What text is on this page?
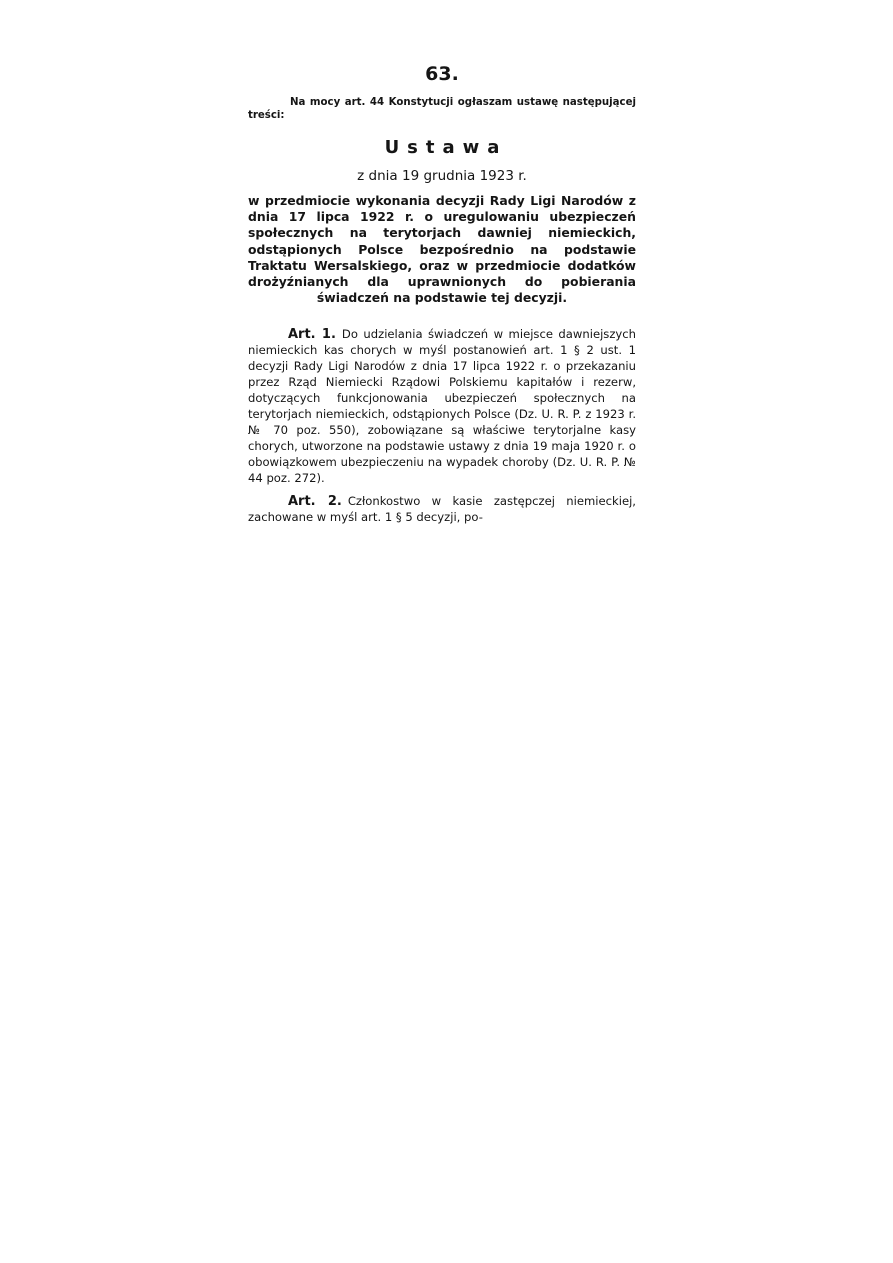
63.

Na mocy art. 44 Konstytucji ogłaszam ustawę następującej treści:

Ustawa
z dnia 19 grudnia 1923 r.

w przedmiocie wykonania decyzji Rady Ligi Narodów z dnia 17 lipca 1922 r. o uregulowaniu ubezpieczeń społecznych na terytorjach dawniej niemieckich, odstąpionych Polsce bezpośrednio na podstawie Traktatu Wersalskiego, oraz w przedmiocie dodatków drożyźnianych dla uprawnionych do pobierania świadczeń na podstawie tej decyzji.

Art. 1. Do udzielania świadczeń w miejsce dawniejszych niemieckich kas chorych w myśl postanowień art. 1 § 2 ust. 1 decyzji Rady Ligi Narodów z dnia 17 lipca 1922 r. o przekazaniu przez Rząd Niemiecki Rządowi Polskiemu kapitałów i rezerw, dotyczących funkcjonowania ubezpieczeń społecznych na terytorjach niemieckich, odstąpionych Polsce (Dz. U. R. P. z 1923 r. № 70 poz. 550), zobowiązane są właściwe terytorjalne kasy chorych, utworzone na podstawie ustawy z dnia 19 maja 1920 r. o obowiązkowem ubezpieczeniu na wypadek choroby (Dz. U. R. P. № 44 poz. 272).

Art. 2. Członkostwo w kasie zastępczej niemieckiej, zachowane w myśl art. 1 § 5 decyzji, po-
